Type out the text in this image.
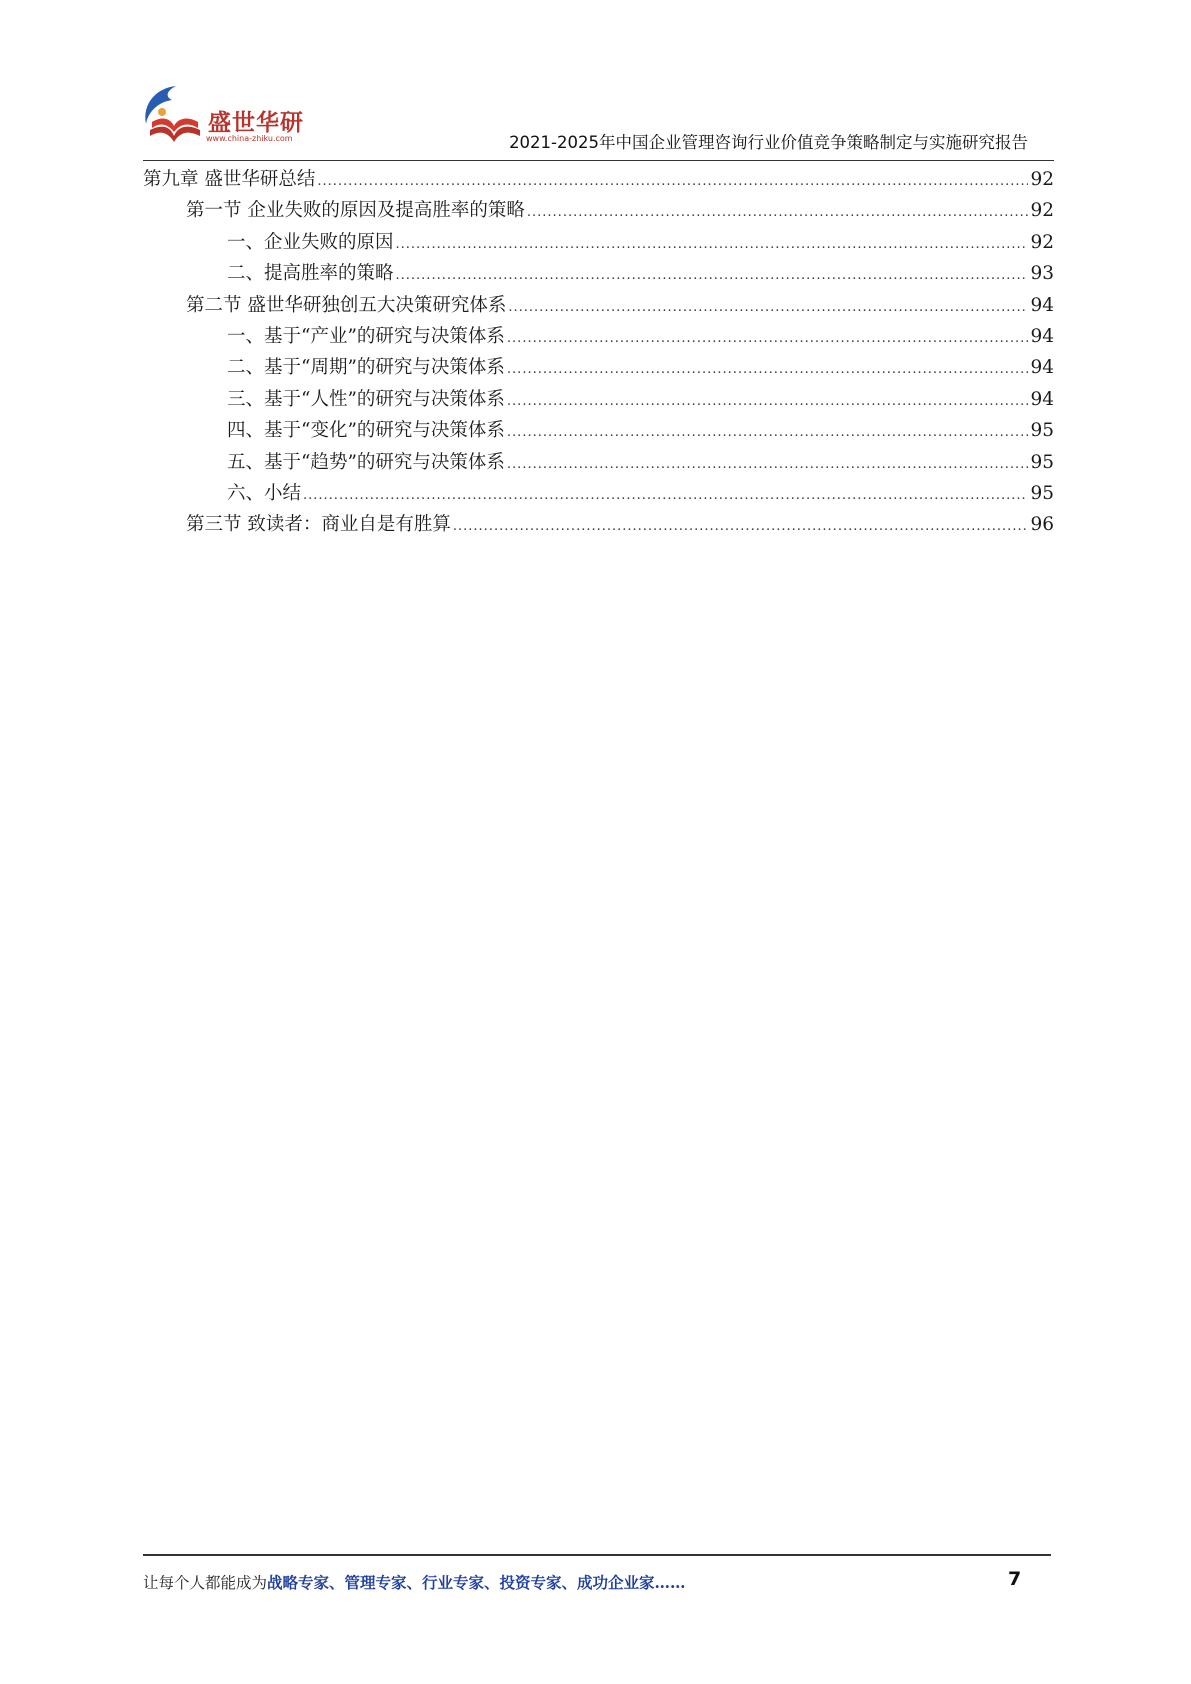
盛世华研
www.china-zhiku.com	2021-2025年中国企业管理咨询行业价值竞争策略制定与实施研究报告
第九章 盛世华研总结 .....	92
第一节 企业失败的原因及提高胜率的策略 .....	92
一、企业失败的原因 .....	92
二、提高胜率的策略 .....	93
第二节 盛世华研独创五大决策研究体系 .....	94
一、基于“产业”的研究与决策体系 .....	94
二、基于“周期”的研究与决策体系 .....	94
三、基于“人性”的研究与决策体系 .....	94
四、基于“变化”的研究与决策体系 .....	95
五、基于“趋势”的研究与决策体系 .....	95
六、小结 .....	95
第三节 致读者：商业自是有胜算 .....	96
让每个人都能成为战略专家、管理专家、行业专家、投资专家、成功企业家……	7
